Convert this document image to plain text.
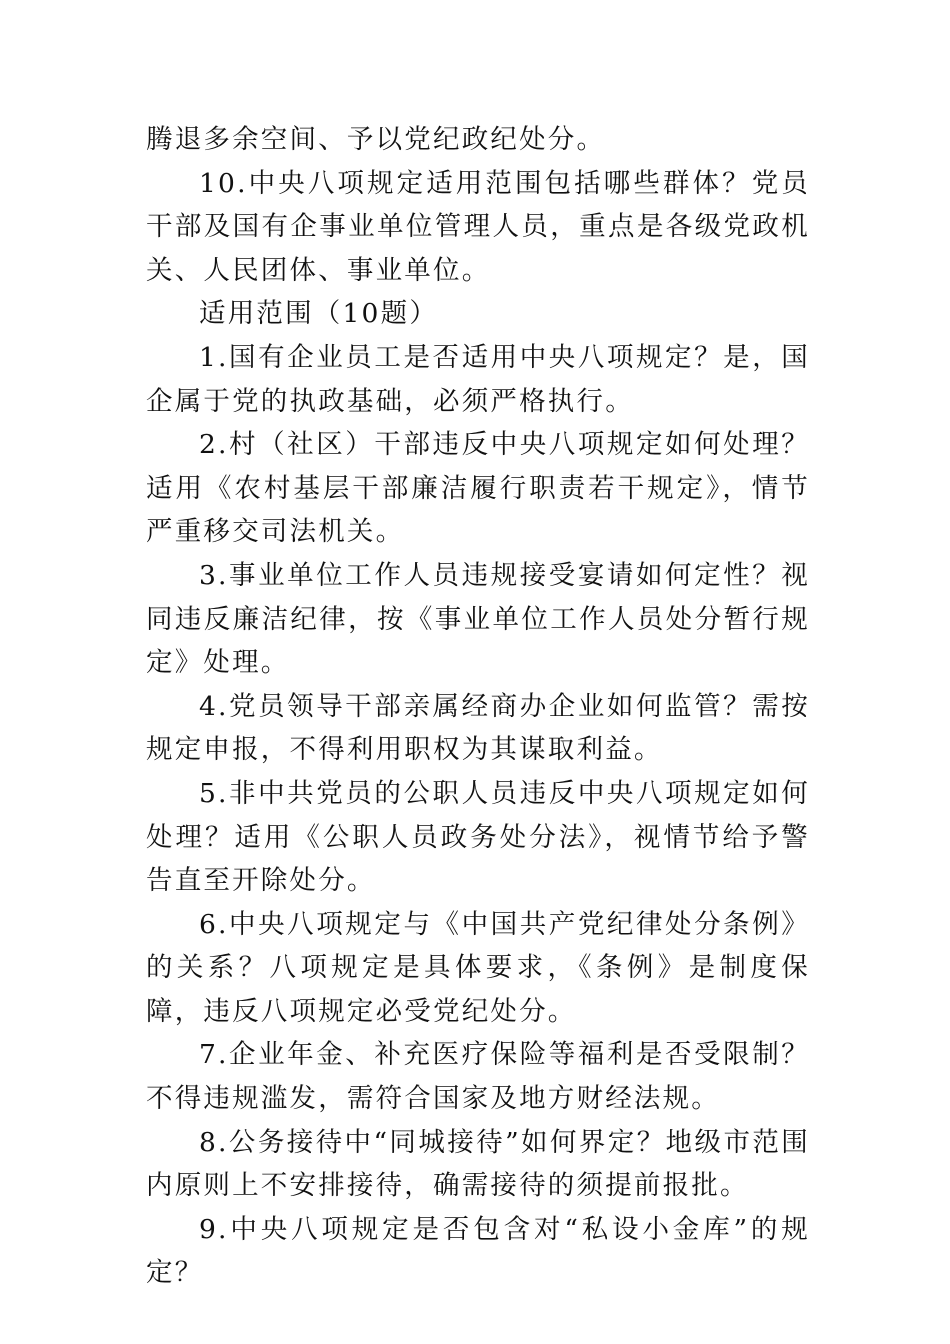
腾退多余空间、予以党纪政纪处分。

10.中央八项规定适用范围包括哪些群体？党员干部及国有企事业单位管理人员，重点是各级党政机关、人民团体、事业单位。

适用范围（10题）

1.国有企业员工是否适用中央八项规定？是，国企属于党的执政基础，必须严格执行。

2.村（社区）干部违反中央八项规定如何处理？适用《农村基层干部廉洁履行职责若干规定》，情节严重移交司法机关。

3.事业单位工作人员违规接受宴请如何定性？视同违反廉洁纪律，按《事业单位工作人员处分暂行规定》处理。

4.党员领导干部亲属经商办企业如何监管？需按规定申报，不得利用职权为其谋取利益。

5.非中共党员的公职人员违反中央八项规定如何处理？适用《公职人员政务处分法》，视情节给予警告直至开除处分。

6.中央八项规定与《中国共产党纪律处分条例》的关系？八项规定是具体要求，《条例》是制度保障，违反八项规定必受党纪处分。

7.企业年金、补充医疗保险等福利是否受限制？不得违规滥发，需符合国家及地方财经法规。

8.公务接待中“同城接待”如何界定？地级市范围内原则上不安排接待，确需接待的须提前报批。

9.中央八项规定是否包含对“私设小金库”的规定？
